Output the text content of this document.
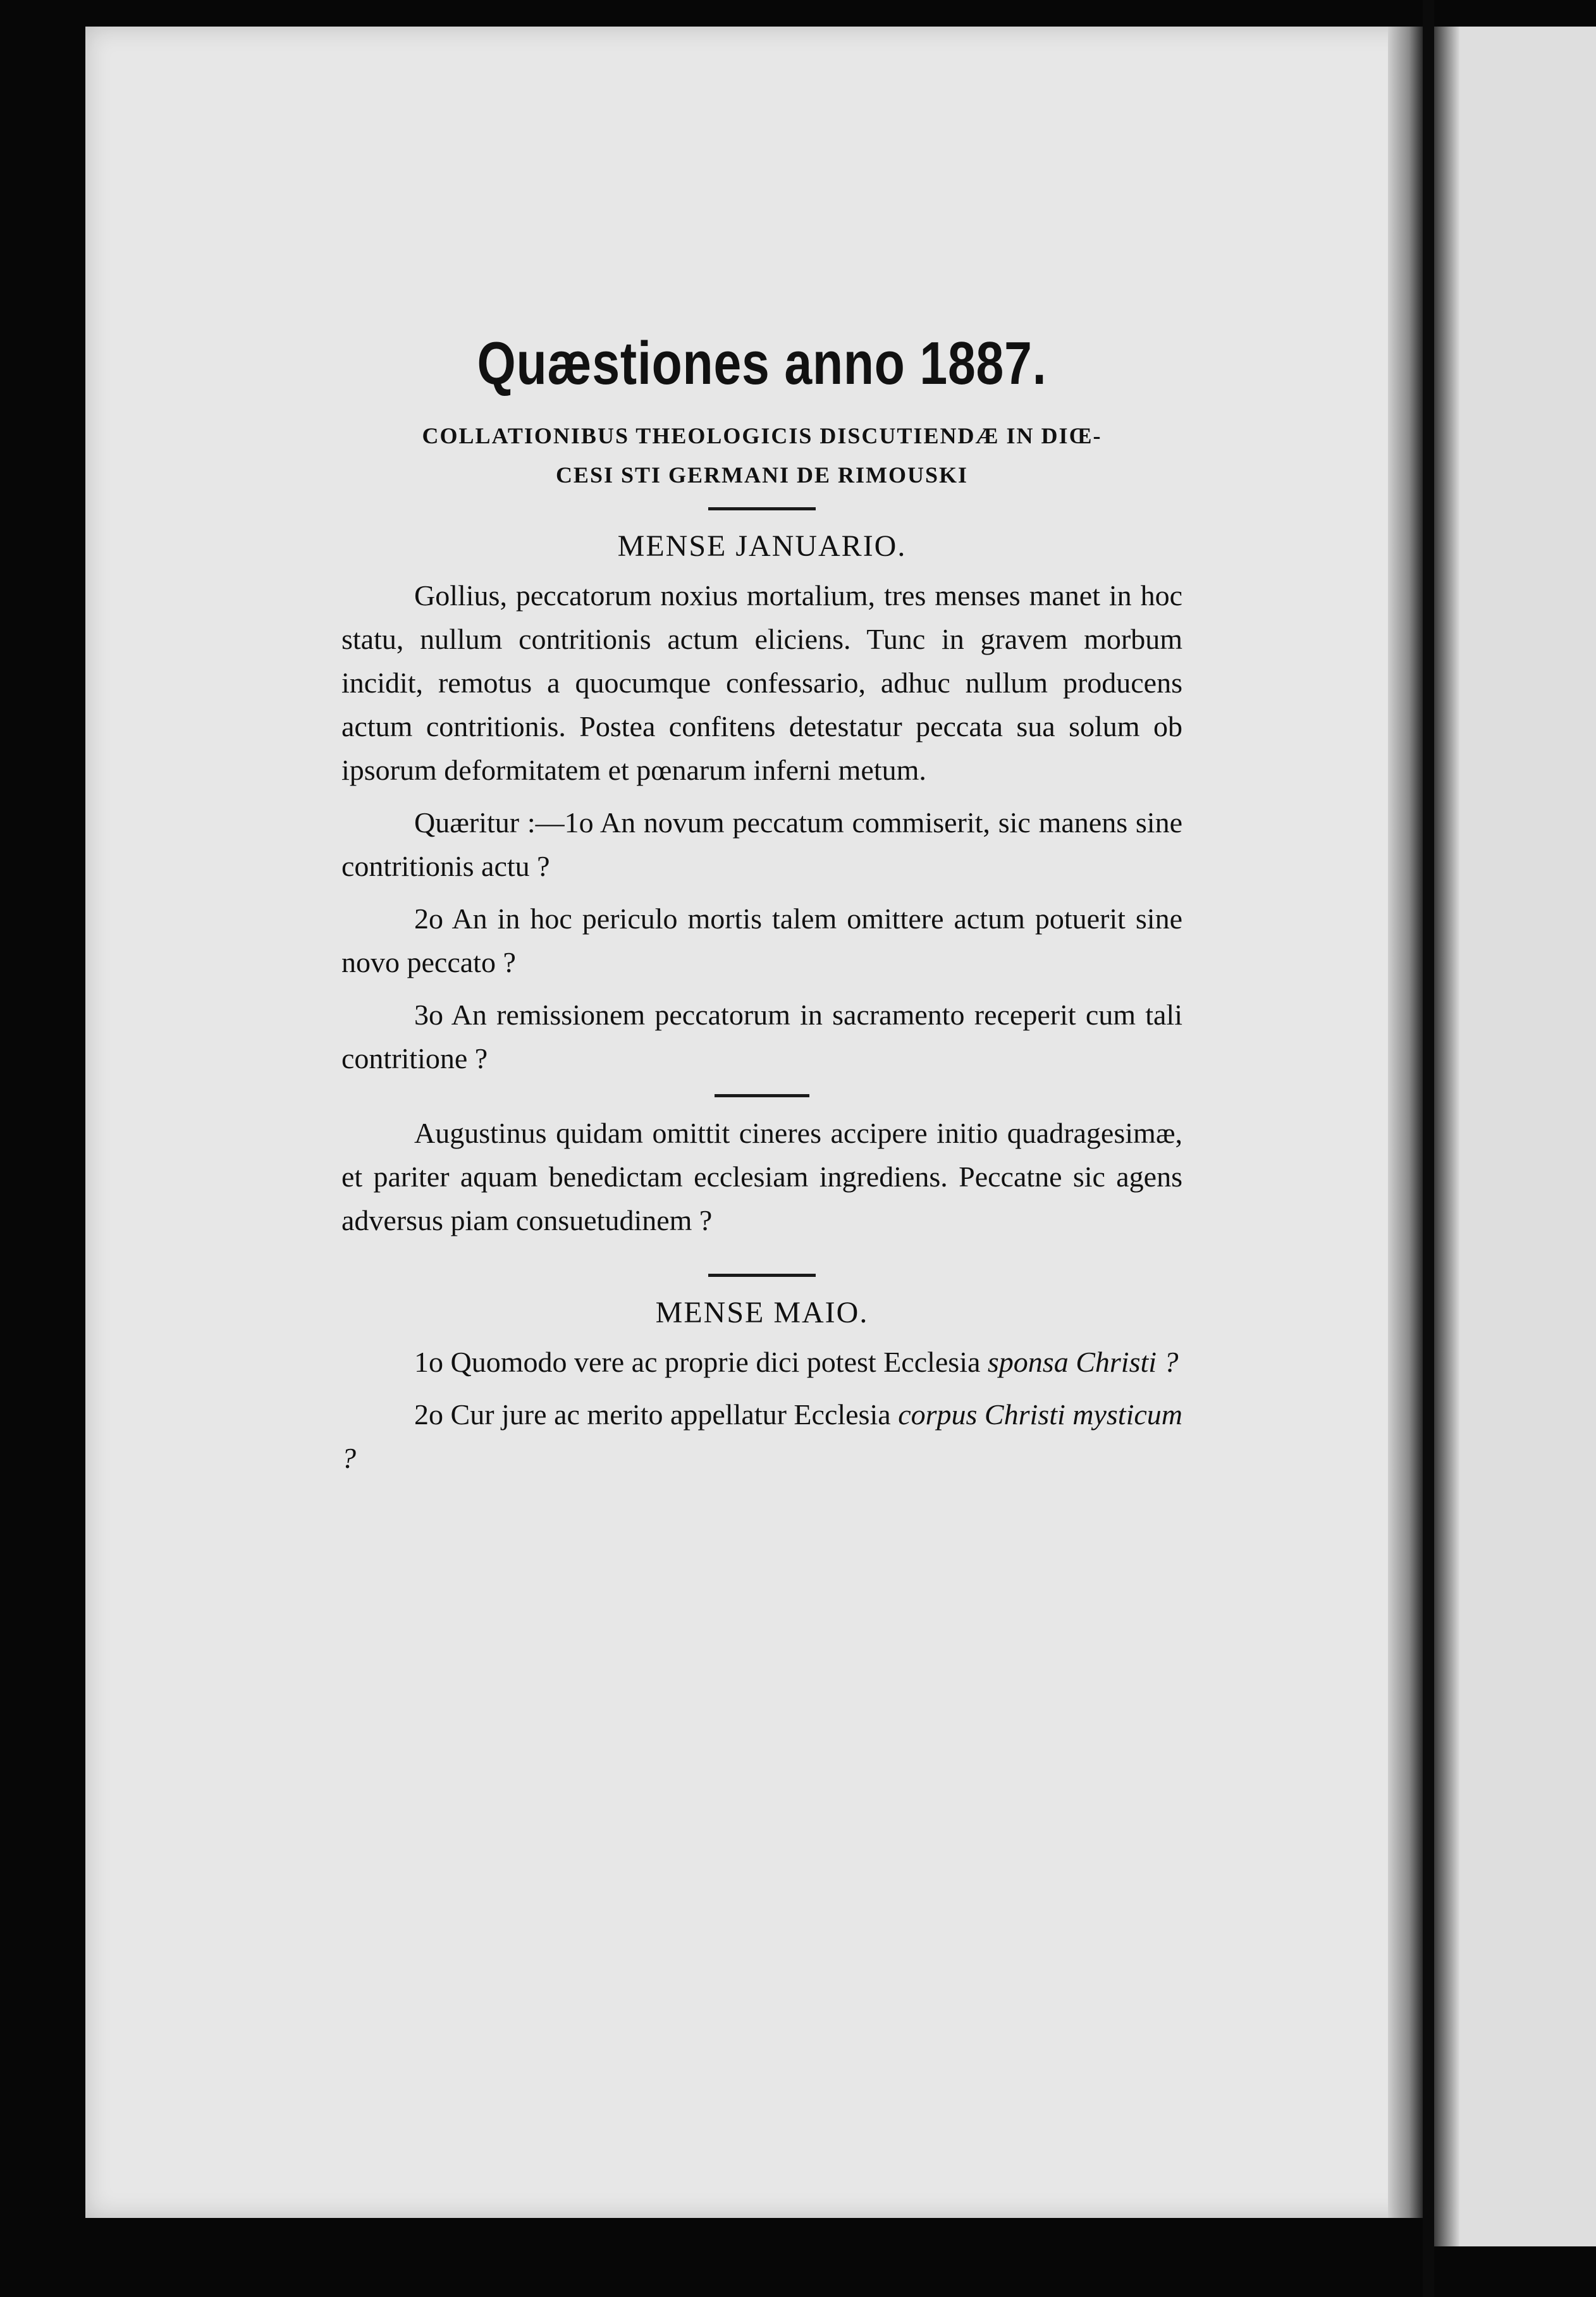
Quæstiones anno 1887.

COLLATIONIBUS THEOLOGICIS DISCUTIENDÆ IN DIŒ-

CESI STI GERMANI DE RIMOUSKI

MENSE JANUARIO.

Gollius, peccatorum noxius mortalium, tres menses manet in hoc statu, nullum contritionis actum eliciens. Tunc in gravem morbum incidit, remotus a quocumque confessario, adhuc nullum producens actum contritionis. Postea confitens detestatur peccata sua solum ob ipsorum deformitatem et pœnarum inferni metum.

Quæritur :—1o An novum peccatum commiserit, sic manens sine contritionis actu ?

2o An in hoc periculo mortis talem omittere actum potuerit sine novo peccato ?

3o An remissionem peccatorum in sacramento receperit cum tali contritione ?

Augustinus quidam omittit cineres accipere initio quadragesimæ, et pariter aquam benedictam ecclesiam ingrediens. Peccatne sic agens adversus piam consuetudinem ?

MENSE MAIO.

1o Quomodo vere ac proprie dici potest Ecclesia sponsa Christi ?

2o Cur jure ac merito appellatur Ecclesia corpus Christi mysticum ?
